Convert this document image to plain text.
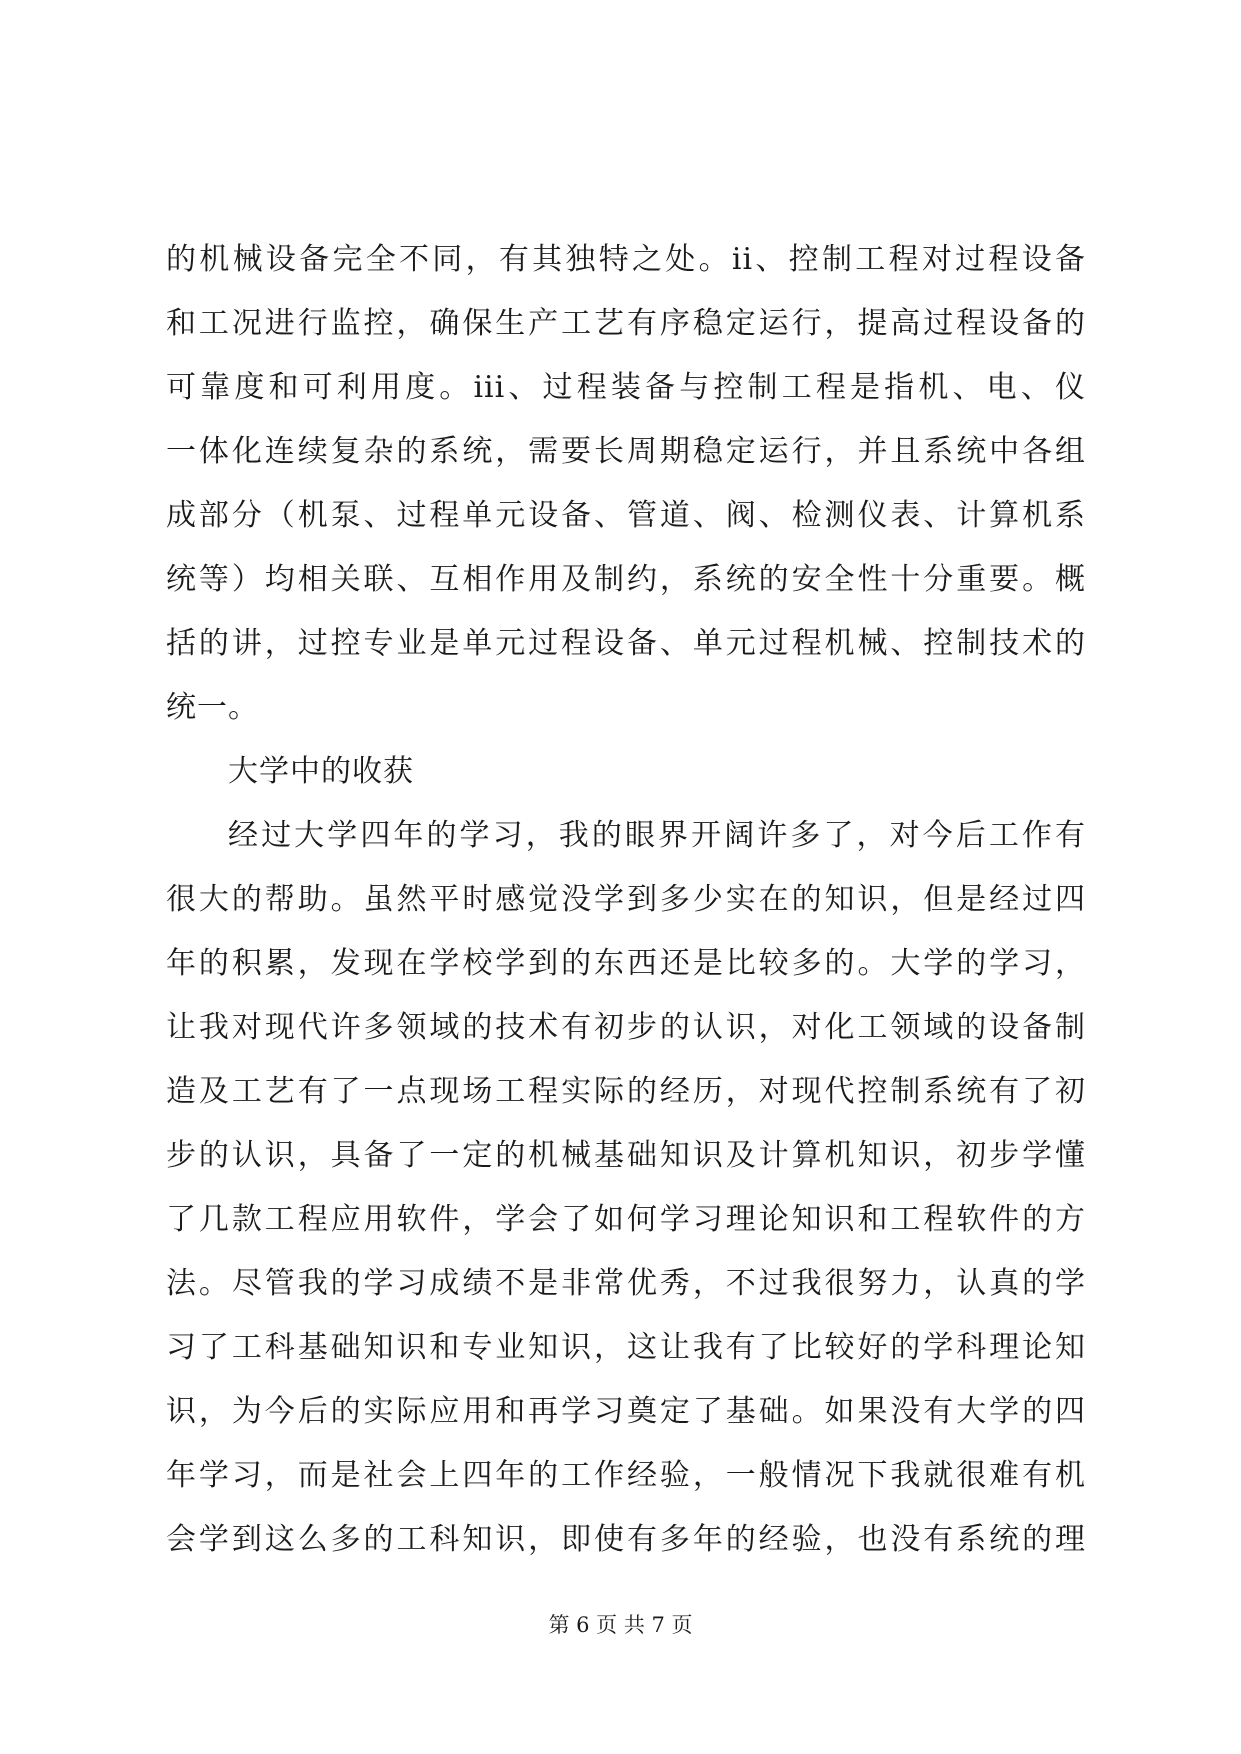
的机械设备完全不同，有其独特之处。ii、控制工程对过程设备
和工况进行监控，确保生产工艺有序稳定运行，提高过程设备的
可靠度和可利用度。iii、过程装备与控制工程是指机、电、仪
一体化连续复杂的系统，需要长周期稳定运行，并且系统中各组
成部分（机泵、过程单元设备、管道、阀、检测仪表、计算机系
统等）均相关联、互相作用及制约，系统的安全性十分重要。概
括的讲，过控专业是单元过程设备、单元过程机械、控制技术的
统一。
大学中的收获
经过大学四年的学习，我的眼界开阔许多了，对今后工作有
很大的帮助。虽然平时感觉没学到多少实在的知识，但是经过四
年的积累，发现在学校学到的东西还是比较多的。大学的学习，
让我对现代许多领域的技术有初步的认识，对化工领域的设备制
造及工艺有了一点现场工程实际的经历，对现代控制系统有了初
步的认识，具备了一定的机械基础知识及计算机知识，初步学懂
了几款工程应用软件，学会了如何学习理论知识和工程软件的方
法。尽管我的学习成绩不是非常优秀，不过我很努力，认真的学
习了工科基础知识和专业知识，这让我有了比较好的学科理论知
识，为今后的实际应用和再学习奠定了基础。如果没有大学的四
年学习，而是社会上四年的工作经验，一般情况下我就很难有机
会学到这么多的工科知识，即使有多年的经验，也没有系统的理
第 6 页 共 7 页
